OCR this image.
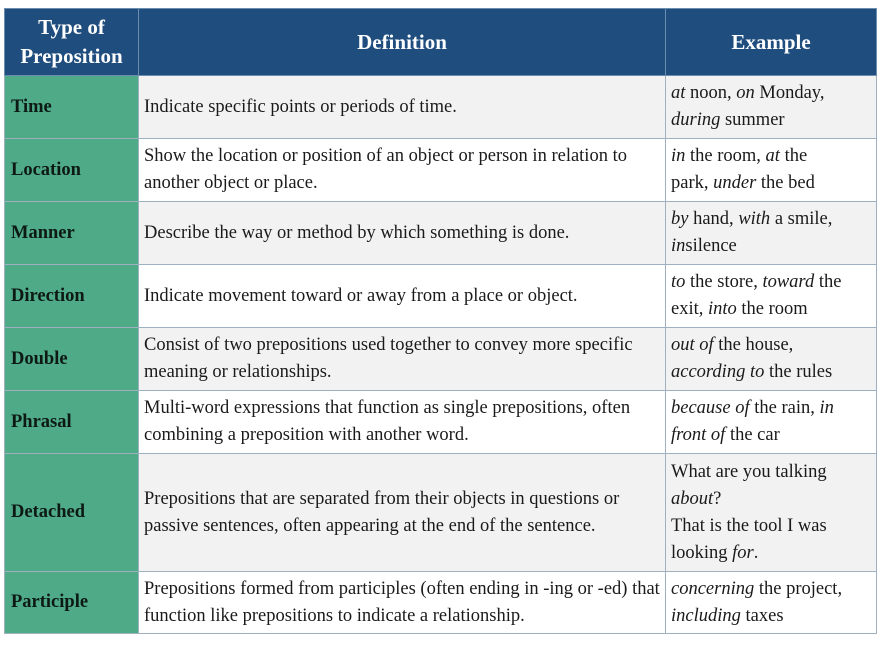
Type of Preposition	Definition	Example
Time	Indicate specific points or periods of time.	at noon, on Monday,
during summer

Location	Show the location or position of an object or person in relation to another object or place.	in the room, at the
park, under the bed

Manner	Describe the way or method by which something is done.	by hand, with a smile,
insilence

Direction	Indicate movement toward or away from a place or object.	to the store, toward the
exit, into the room

Double	Consist of two prepositions used together to convey more specific meaning or relationships.	out of the house,
according to the rules

Phrasal	Multi-word expressions that function as single prepositions, often combining a preposition with another word.	because of the rain, in
front of the car

Detached	Prepositions that are separated from their objects in questions or passive sentences, often appearing at the end of the sentence.	What are you talking
about?
That is the tool I was
looking for.

Participle	Prepositions formed from participles (often ending in -ing or -ed) that function like prepositions to indicate a relationship.	concerning the project,
including taxes
